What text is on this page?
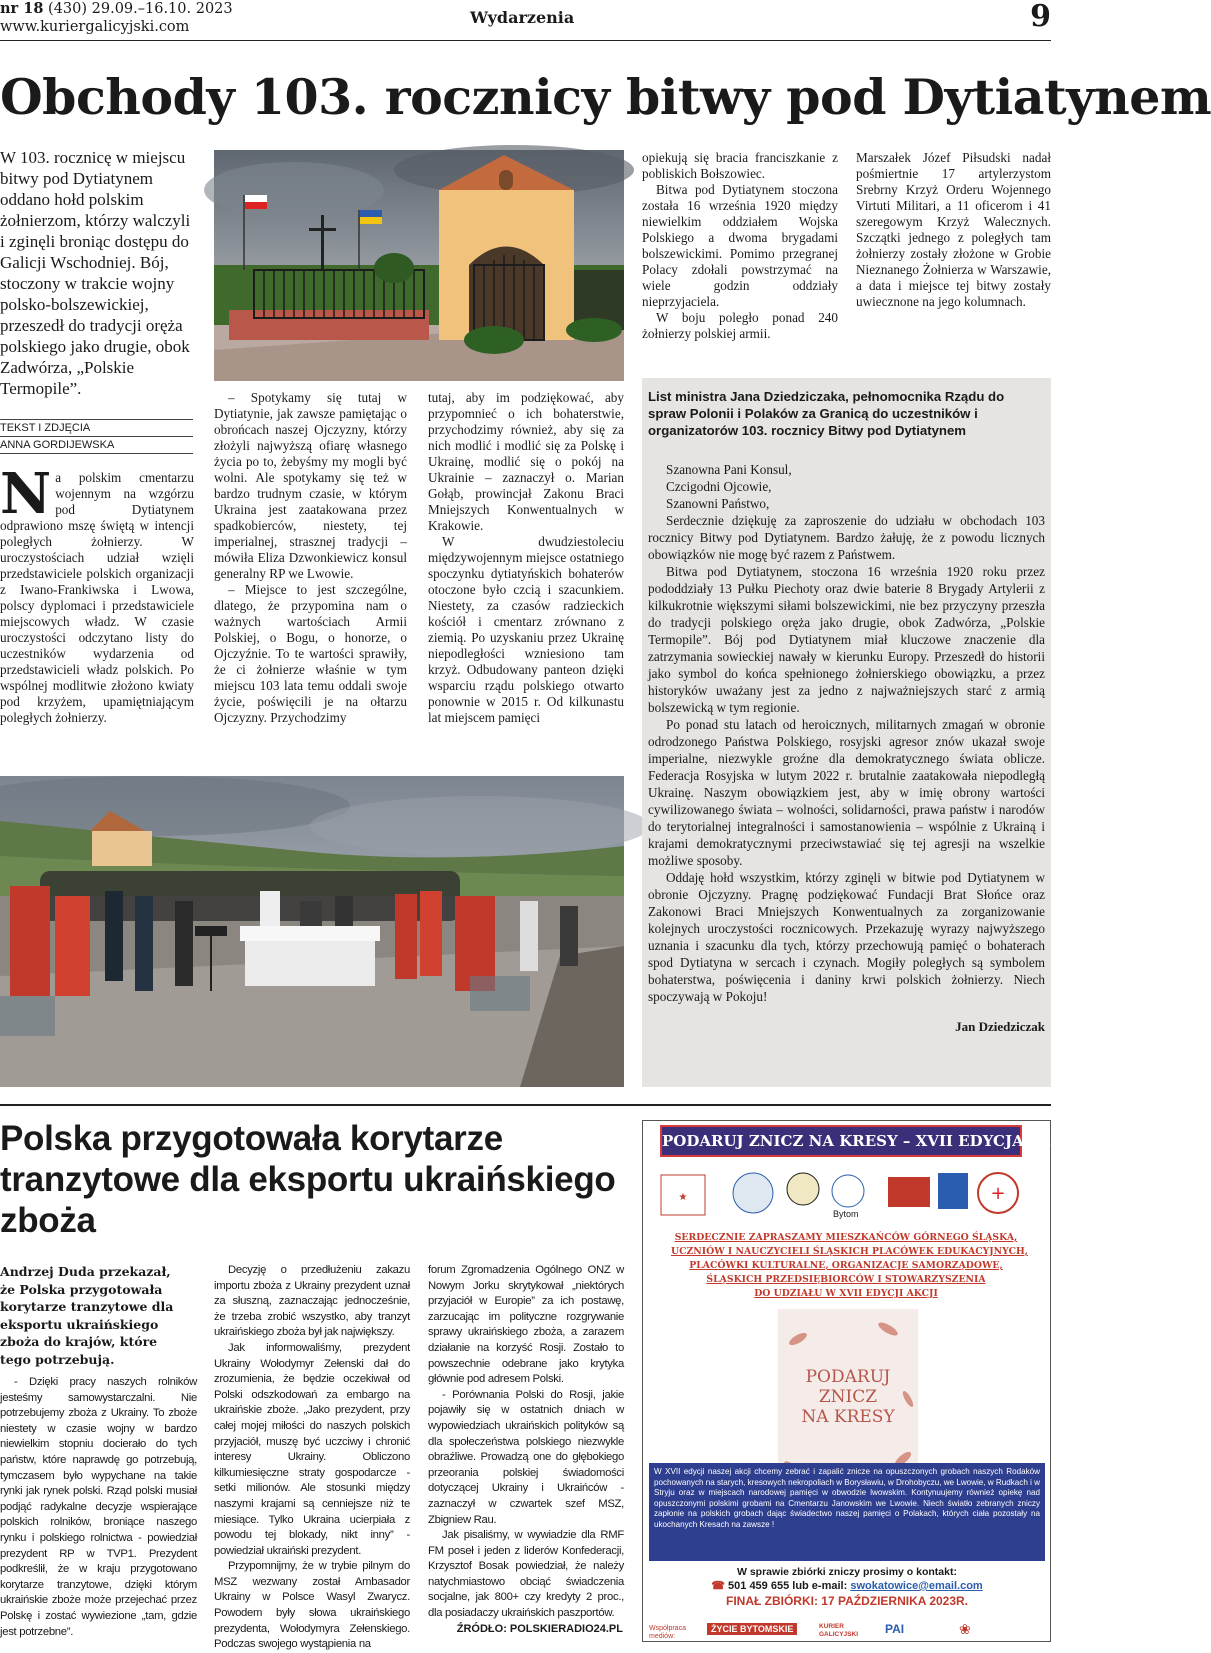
nr 18 (430) 29.09.–16.10. 2023
www.kuriergalicyjski.com	Wydarzenia	9
Obchody 103. rocznicy bitwy pod Dytiatynem
W 103. rocznicę w miejscu bitwy pod Dytiatynem oddano hołd polskim żołnierzom, którzy walczyli i zginęli broniąc dostępu do Galicji Wschodniej. Bój, stoczony w trakcie wojny polsko-bolszewickiej, przeszedł do tradycji oręża polskiego jako drugie, obok Zadwórza, „Polskie Termopile”.
TEKST I ZDJĘCIA
ANNA GORDIJEWSKA
Na polskim cmentarzu wojennym na wzgórzu pod Dytiatynem odprawiono mszę świętą w intencji poległych żołnierzy. W uroczystościach udział wzięli przedstawiciele polskich organizacji z Iwano-Frankiwska i Lwowa, polscy dyplomaci i przedstawiciele miejscowych władz. W czasie uroczystości odczytano listy do uczestników wydarzenia od przedstawicieli władz polskich. Po wspólnej modlitwie złożono kwiaty pod krzyżem, upamiętniającym poległych żołnierzy.

– Spotykamy się tutaj w Dytiatynie, jak zawsze pamiętając o obrońcach naszej Ojczyzny, którzy złożyli najwyższą ofiarę własnego życia po to, żebyśmy my mogli być wolni. Ale spotykamy się też w bardzo trudnym czasie, w którym Ukraina jest zaatakowana przez spadkobierców, niestety, tej imperialnej, strasznej tradycji – mówiła Eliza Dzwonkiewicz konsul generalny RP we Lwowie.

– Miejsce to jest szczególne, dlatego, że przypomina nam o ważnych wartościach Armii Polskiej, o Bogu, o honorze, o Ojczyźnie. To te wartości sprawiły, że ci żołnierze właśnie w tym miejscu 103 lata temu oddali swoje życie, poświęcili je na ołtarzu Ojczyzny. Przychodzimy

tutaj, aby im podziękować, aby przypomnieć o ich bohaterstwie, przychodzimy również, aby się za nich modlić i modlić się za Polskę i Ukrainę, modlić się o pokój na Ukrainie – zaznaczył o. Marian Gołąb, prowincjał Zakonu Braci Mniejszych Konwentualnych w Krakowie.

W dwudziestoleciu międzywojennym miejsce ostatniego spoczynku dytiatyńskich bohaterów otoczone było czcią i szacunkiem. Niestety, za czasów radzieckich kościół i cmentarz zrównano z ziemią. Po uzyskaniu przez Ukrainę niepodległości wzniesiono tam krzyż. Odbudowany panteon dzięki wsparciu rządu polskiego otwarto ponownie w 2015 r. Od kilkunastu lat miejscem pamięci

opiekują się bracia franciszkanie z pobliskich Bołszowiec.

Bitwa pod Dytiatynem stoczona została 16 września 1920 między niewielkim oddziałem Wojska Polskiego a dwoma brygadami bolszewickimi. Pomimo przegranej Polacy zdołali powstrzymać na wiele godzin oddziały nieprzyjaciela.

W boju poległo ponad 240 żołnierzy polskiej armii.

Marszałek Józef Piłsudski nadał pośmiertnie 17 artylerzystom Srebrny Krzyż Orderu Wojennego Virtuti Militari, a 11 oficerom i 41 szeregowym Krzyż Walecznych. Szczątki jednego z poległych tam żołnierzy zostały złożone w Grobie Nieznanego Żołnierza w Warszawie, a data i miejsce tej bitwy zostały uwiecznone na jego kolumnach.

List ministra Jana Dziedziczaka, pełnomocnika Rządu do spraw Polonii i Polaków za Granicą do uczestników i organizatorów 103. rocznicy Bitwy pod Dytiatynem

Szanowna Pani Konsul,

Czcigodni Ojcowie,

Szanowni Państwo,

Serdecznie dziękuję za zaproszenie do udziału w obchodach 103 rocznicy Bitwy pod Dytiatynem. Bardzo żałuję, że z powodu licznych obowiązków nie mogę być razem z Państwem.

Bitwa pod Dytiatynem, stoczona 16 września 1920 roku przez pododdziały 13 Pułku Piechoty oraz dwie baterie 8 Brygady Artylerii z kilkukrotnie większymi siłami bolszewickimi, nie bez przyczyny przeszła do tradycji polskiego oręża jako drugie, obok Zadwórza, „Polskie Termopile”. Bój pod Dytiatynem miał kluczowe znaczenie dla zatrzymania sowieckiej nawały w kierunku Europy. Przeszedł do historii jako symbol do końca spełnionego żołnierskiego obowiązku, a przez historyków uważany jest za jedno z najważniejszych starć z armią bolszewicką w tym regionie.

Po ponad stu latach od heroicznych, militarnych zmagań w obronie odrodzonego Państwa Polskiego, rosyjski agresor znów ukazał swoje imperialne, niezwykle groźne dla demokratycznego świata oblicze. Federacja Rosyjska w lutym 2022 r. brutalnie zaatakowała niepodległą Ukrainę. Naszym obowiązkiem jest, aby w imię obrony wartości cywilizowanego świata – wolności, solidarności, prawa państw i narodów do terytorialnej integralności i samostanowienia – wspólnie z Ukrainą i krajami demokratycznymi przeciwstawiać się tej agresji na wszelkie możliwe sposoby.

Oddaję hołd wszystkim, którzy zginęli w bitwie pod Dytiatynem w obronie Ojczyzny. Pragnę podziękować Fundacji Brat Słońce oraz Zakonowi Braci Mniejszych Konwentualnych za zorganizowanie kolejnych uroczystości rocznicowych. Przekazuję wyrazy najwyższego uznania i szacunku dla tych, którzy przechowują pamięć o bohaterach spod Dytiatyna w sercach i czynach. Mogiły poległych są symbolem bohaterstwa, poświęcenia i daniny krwi polskich żołnierzy. Niech spoczywają w Pokoju!

Jan Dziedziczak
Polska przygotowała korytarze tranzytowe dla eksportu ukraińskiego zboża
Andrzej Duda przekazał, że Polska przygotowała korytarze tranzytowe dla eksportu ukraińskiego zboża do krajów, które tego potrzebują.

- Dzięki pracy naszych rolników jesteśmy samowystarczalni. Nie potrzebujemy zboża z Ukrainy. To zboże niestety w czasie wojny w bardzo niewielkim stopniu docierało do tych państw, które naprawdę go potrzebują, tymczasem było wypychane na takie rynki jak rynek polski. Rząd polski musiał podjąć radykalne decyzje wspierające polskich rolników, broniące naszego rynku i polskiego rolnictwa - powiedział prezydent RP w TVP1. Prezydent podkreślił, że w kraju przygotowano korytarze tranzytowe, dzięki którym ukraińskie zboże może przejechać przez Polskę i zostać wywiezione „tam, gdzie jest potrzebne”.

Decyzję o przedłużeniu zakazu importu zboża z Ukrainy prezydent uznał za słuszną, zaznaczając jednocześnie, że trzeba zrobić wszystko, aby tranzyt ukraińskiego zboża był jak największy.

Jak informowaliśmy, prezydent Ukrainy Wołodymyr Zełenski dał do zrozumienia, że będzie oczekiwał od Polski odszkodowań za embargo na ukraińskie zboże. „Jako prezydent, przy całej mojej miłości do naszych polskich przyjaciół, muszę być uczciwy i chronić interesy Ukrainy. Obliczono kilkumiesięczne straty gospodarcze - setki milionów. Ale stosunki między naszymi krajami są cenniejsze niż te miesiące. Tylko Ukraina ucierpiała z powodu tej blokady, nikt inny” - powiedział ukraiński prezydent.

Przypomnijmy, że w trybie pilnym do MSZ wezwany został Ambasador Ukrainy w Polsce Wasyl Zwarycz. Powodem były słowa ukraińskiego prezydenta, Wołodymyra Zełenskiego. Podczas swojego wystąpienia na

forum Zgromadzenia Ogólnego ONZ w Nowym Jorku skrytykował „niektórych przyjaciół w Europie” za ich postawę, zarzucając im polityczne rozgrywanie sprawy ukraińskiego zboża, a zarazem działanie na korzyść Rosji. Zostało to powszechnie odebrane jako krytyka głównie pod adresem Polski.

- Porównania Polski do Rosji, jakie pojawiły się w ostatnich dniach w wypowiedziach ukraińskich polityków są dla społeczeństwa polskiego niezwykle obraźliwe. Prowadzą one do głębokiego przeorania polskiej świadomości dotyczącej Ukrainy i Ukraińców - zaznaczył w czwartek szef MSZ, Zbigniew Rau.

Jak pisaliśmy, w wywiadzie dla RMF FM poseł i jeden z liderów Konfederacji, Krzysztof Bosak powiedział, że należy natychmiastowo obciąć świadczenia socjalne, jak 800+ czy kredyty 2 proc., dla posiadaczy ukraińskich paszportów.

ŹRÓDŁO: POLSKIERADIO24.PL
PODARUJ ZNICZ NA KRESY – XVII EDYCJA 2023
★	+
Bytom
SERDECZNIE ZAPRASZAMY MIESZKAŃCÓW GÓRNEGO ŚLĄSKA,
UCZNIÓW I NAUCZYCIELI ŚLĄSKICH PLACÓWEK EDUKACYJNYCH,
PLACÓWKI KULTURALNE, ORGANIZACJE SAMORZĄDOWE,
ŚLĄSKICH PRZEDSIĘBIORCÓW I STOWARZYSZENIA
DO UDZIAŁU W XVII EDYCJI AKCJI
PODARUJ
ZNICZ
NA KRESY
W XVII edycji naszej akcji chcemy zebrać i zapalić znicze na opuszczonych grobach naszych Rodaków pochowanych na starych, kresowych nekropoliach w Borysławiu, w Drohobyczu, we Lwowie, w Rudkach i w Stryju oraz w miejscach narodowej pamięci w obwodzie lwowskim. Kontynuujemy również opiekę nad opuszczonymi polskimi grobami na Cmentarzu Janowskim we Lwowie. Niech światło zebranych zniczy zapłonie na polskich grobach dając świadectwo naszej pamięci o Polakach, których ciała pozostały na ukochanych Kresach na zawsze !
W sprawie zbiórki zniczy prosimy o kontakt:
☎ 501 459 655 lub e-mail: swokatowice@email.com
FINAŁ ZBIÓRKI: 17 PAŹDZIERNIKA 2023R.
Współpraca mediów:
ŻYCIE BYTOMSKIE	KURIER GALICYJSKI PAI	❀
